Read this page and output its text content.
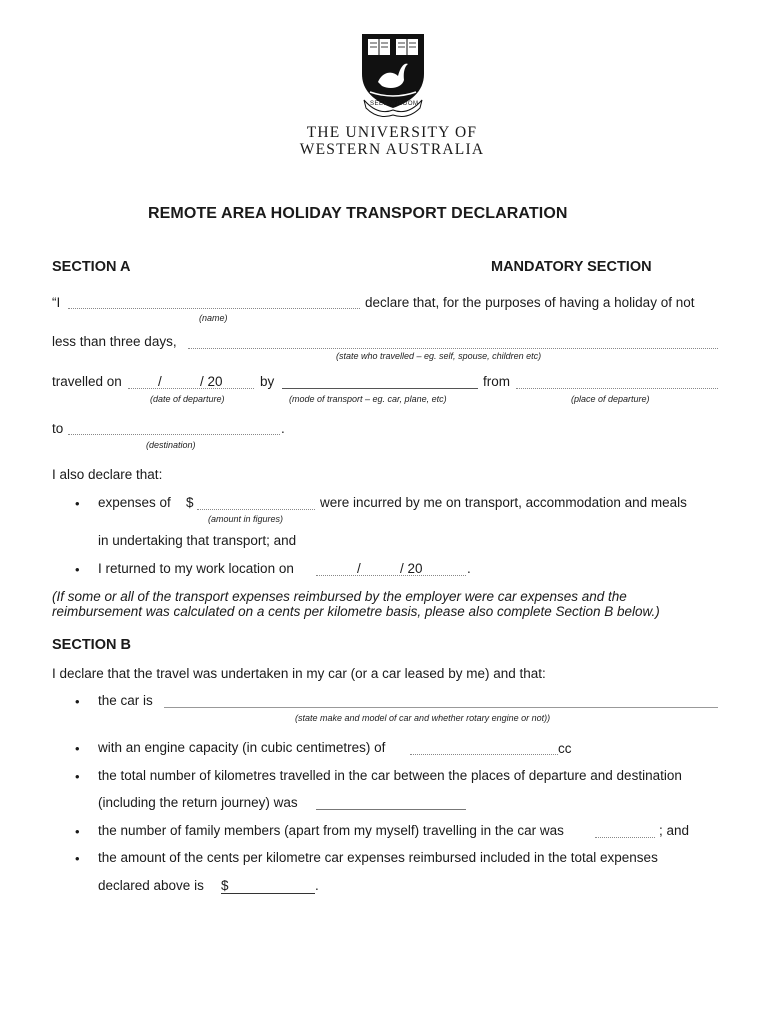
SEEK WISDOM
THE UNIVERSITY OF
WESTERN AUSTRALIA
REMOTE AREA HOLIDAY TRANSPORT DECLARATION
SECTION A	MANDATORY SECTION
“I	declare that, for the purposes of having a holiday of not
(name)
less than three days,
(state who travelled – eg. self, spouse, children etc)
travelled on	/	/ 20	by	from
(date of departure)	(mode of transport – eg. car, plane, etc)	(place of departure)
to	.
(destination)
I also declare that:
• expenses of $	were incurred by me on transport, accommodation and meals
(amount in figures)
in undertaking that transport; and
• I returned to my work location on	/	/ 20	.
(If some or all of the transport expenses reimbursed by the employer were car expenses and the
reimbursement was calculated on a cents per kilometre basis, please also complete Section B below.)
SECTION B
I declare that the travel was undertaken in my car (or a car leased by me) and that:
• the car is
(state make and model of car and whether rotary engine or not))
• with an engine capacity (in cubic centimetres) of	cc
• the total number of kilometres travelled in the car between the places of departure and destination
(including the return journey) was
• the number of family members (apart from my myself) travelling in the car was	; and
• the amount of the cents per kilometre car expenses reimbursed included in the total expenses
declared above is $	.
